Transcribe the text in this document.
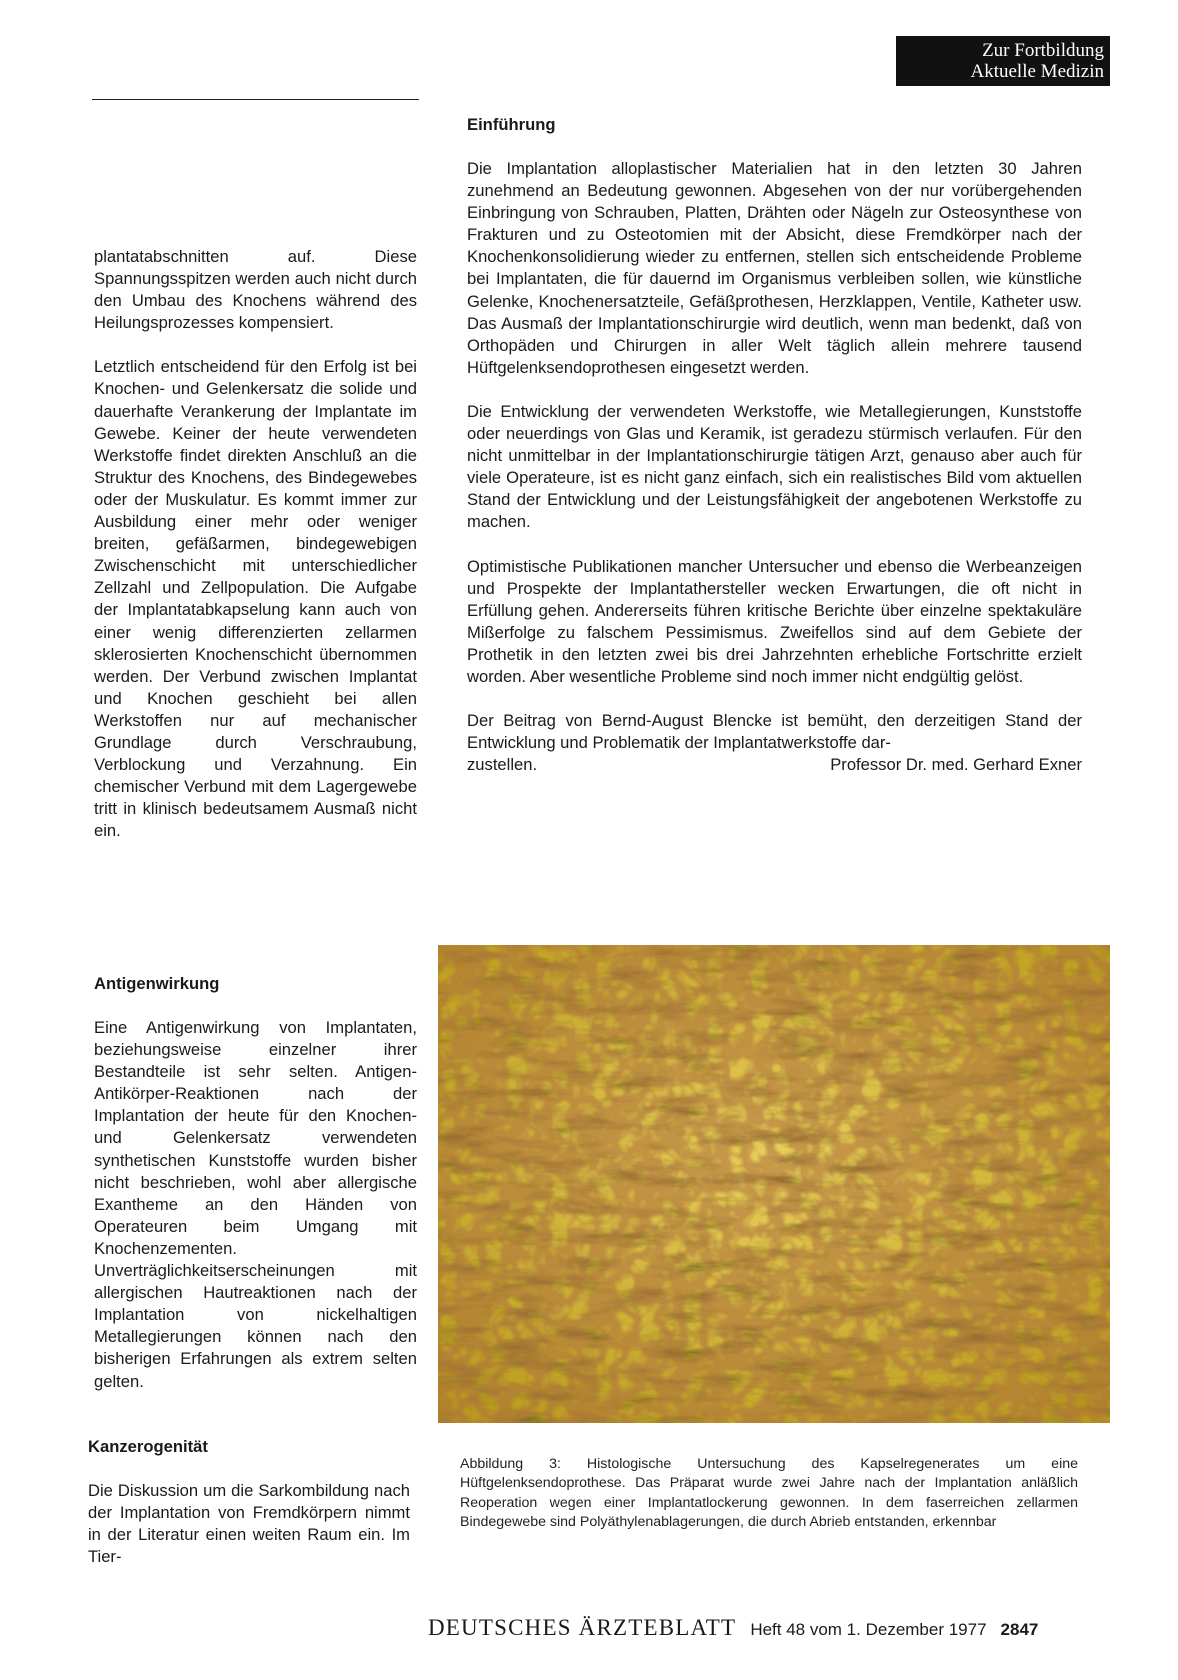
Zur Fortbildung
Aktuelle Medizin

plantatabschnitten auf. Diese Spannungsspitzen werden auch nicht durch den Umbau des Knochens während des Heilungsprozesses kompensiert.

Letztlich entscheidend für den Erfolg ist bei Knochen- und Gelenkersatz die solide und dauerhafte Verankerung der Implantate im Gewebe. Keiner der heute verwendeten Werkstoffe findet direkten Anschluß an die Struktur des Knochens, des Bindegewebes oder der Muskulatur. Es kommt immer zur Ausbildung einer mehr oder weniger breiten, gefäßarmen, bindegewebigen Zwischenschicht mit unterschiedlicher Zellzahl und Zellpopulation. Die Aufgabe der Implantatabkapselung kann auch von einer wenig differenzierten zellarmen sklerosierten Knochenschicht übernommen werden. Der Verbund zwischen Implantat und Knochen geschieht bei allen Werkstoffen nur auf mechanischer Grundlage durch Verschraubung, Verblockung und Verzahnung. Ein chemischer Verbund mit dem Lagergewebe tritt in klinisch bedeutsamem Ausmaß nicht ein.

Antigenwirkung

Eine Antigenwirkung von Implantaten, beziehungsweise einzelner ihrer Bestandteile ist sehr selten. Antigen-Antikörper-Reaktionen nach der Implantation der heute für den Knochen- und Gelenkersatz verwendeten synthetischen Kunststoffe wurden bisher nicht beschrieben, wohl aber allergische Exantheme an den Händen von Operateuren beim Umgang mit Knochenzementen. Unverträglichkeitserscheinungen mit allergischen Hautreaktionen nach der Implantation von nickelhaltigen Metallegierungen können nach den bisherigen Erfahrungen als extrem selten gelten.

Kanzerogenität

Die Diskussion um die Sarkombildung nach der Implantation von Fremdkörpern nimmt in der Literatur einen weiten Raum ein. Im Tier-

Einführung

Die Implantation alloplastischer Materialien hat in den letzten 30 Jahren zunehmend an Bedeutung gewonnen. Abgesehen von der nur vorübergehenden Einbringung von Schrauben, Platten, Drähten oder Nägeln zur Osteosynthese von Frakturen und zu Osteotomien mit der Absicht, diese Fremdkörper nach der Knochenkonsolidierung wieder zu entfernen, stellen sich entscheidende Probleme bei Implantaten, die für dauernd im Organismus verbleiben sollen, wie künstliche Gelenke, Knochenersatzteile, Gefäßprothesen, Herzklappen, Ventile, Katheter usw. Das Ausmaß der Implantationschirurgie wird deutlich, wenn man bedenkt, daß von Orthopäden und Chirurgen in aller Welt täglich allein mehrere tausend Hüftgelenksendoprothesen eingesetzt werden.

Die Entwicklung der verwendeten Werkstoffe, wie Metallegierungen, Kunststoffe oder neuerdings von Glas und Keramik, ist geradezu stürmisch verlaufen. Für den nicht unmittelbar in der Implantationschirurgie tätigen Arzt, genauso aber auch für viele Operateure, ist es nicht ganz einfach, sich ein realistisches Bild vom aktuellen Stand der Entwicklung und der Leistungsfähigkeit der angebotenen Werkstoffe zu machen.

Optimistische Publikationen mancher Untersucher und ebenso die Werbeanzeigen und Prospekte der Implantathersteller wecken Erwartungen, die oft nicht in Erfüllung gehen. Andererseits führen kritische Berichte über einzelne spektakuläre Mißerfolge zu falschem Pessimismus. Zweifellos sind auf dem Gebiete der Prothetik in den letzten zwei bis drei Jahrzehnten erhebliche Fortschritte erzielt worden. Aber wesentliche Probleme sind noch immer nicht endgültig gelöst.

Der Beitrag von Bernd-August Blencke ist bemüht, den derzeitigen Stand der Entwicklung und Problematik der Implantatwerkstoffe dar-

zustellen.	Professor Dr. med. Gerhard Exner
Abbildung 3: Histologische Untersuchung des Kapselregenerates um eine Hüftgelenksendoprothese. Das Präparat wurde zwei Jahre nach der Implantation anläßlich Reoperation wegen einer Implantatlockerung gewonnen. In dem faserreichen zellarmen Bindegewebe sind Polyäthylenablagerungen, die durch Abrieb entstanden, erkennbar
DEUTSCHES ÄRZTEBLATT Heft 48 vom 1. Dezember 1977 2847
